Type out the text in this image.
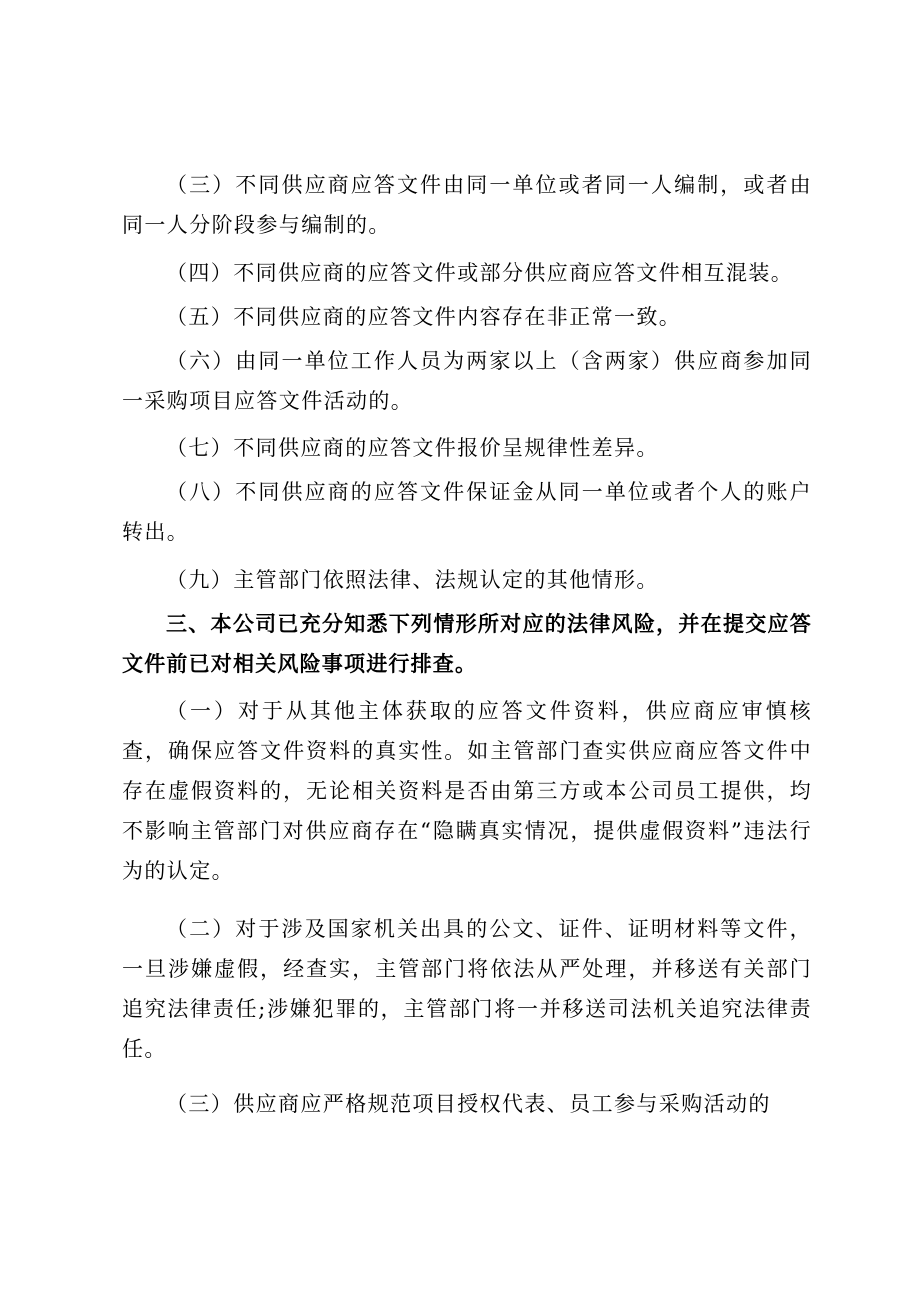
（三）不同供应商应答文件由同一单位或者同一人编制，或者由同一人分阶段参与编制的。

（四）不同供应商的应答文件或部分供应商应答文件相互混装。

（五）不同供应商的应答文件内容存在非正常一致。

（六）由同一单位工作人员为两家以上（含两家）供应商参加同一采购项目应答文件活动的。

（七）不同供应商的应答文件报价呈规律性差异。

（八）不同供应商的应答文件保证金从同一单位或者个人的账户转出。

（九）主管部门依照法律、法规认定的其他情形。

三、本公司已充分知悉下列情形所对应的法律风险，并在提交应答文件前已对相关风险事项进行排查。

（一）对于从其他主体获取的应答文件资料，供应商应审慎核查，确保应答文件资料的真实性。如主管部门查实供应商应答文件中存在虚假资料的，无论相关资料是否由第三方或本公司员工提供，均不影响主管部门对供应商存在“隐瞒真实情况，提供虚假资料”违法行为的认定。

（二）对于涉及国家机关出具的公文、证件、证明材料等文件，一旦涉嫌虚假，经查实，主管部门将依法从严处理，并移送有关部门追究法律责任;涉嫌犯罪的，主管部门将一并移送司法机关追究法律责任。

（三）供应商应严格规范项目授权代表、员工参与采购活动的
